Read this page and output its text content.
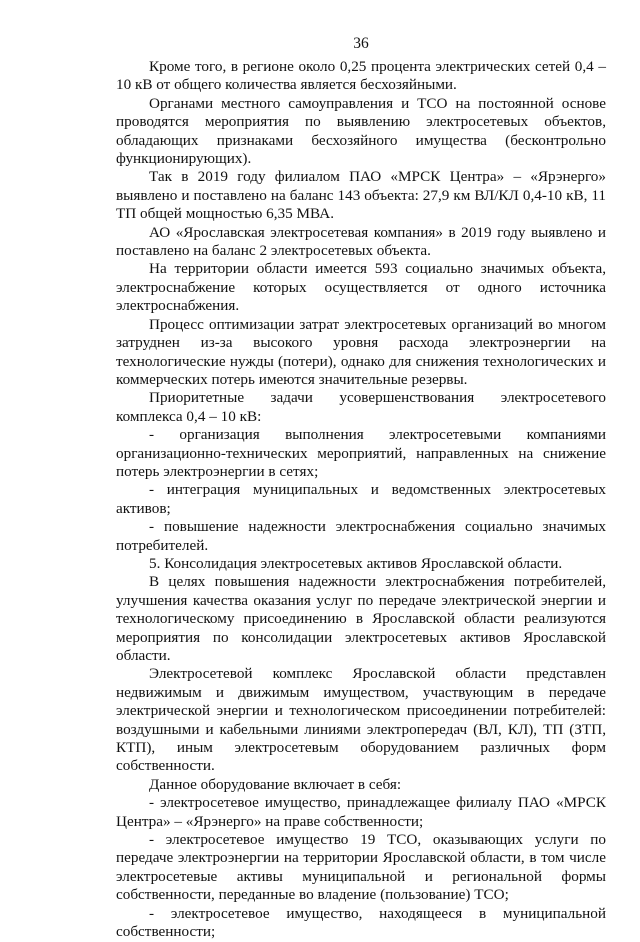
36

Кроме того, в регионе около 0,25 процента электрических сетей 0,4 – 10 кВ от общего количества является бесхозяйными.

Органами местного самоуправления и ТСО на постоянной основе проводятся мероприятия по выявлению электросетевых объектов, обладающих признаками бесхозяйного имущества (бесконтрольно функционирующих).

Так в 2019 году филиалом ПАО «МРСК Центра» – «Ярэнерго» выявлено и поставлено на баланс 143 объекта: 27,9 км ВЛ/КЛ 0,4-10 кВ, 11 ТП общей мощностью 6,35 МВА.

АО «Ярославская электросетевая компания» в 2019 году выявлено и поставлено на баланс 2 электросетевых объекта.

На территории области имеется 593 социально значимых объекта, электроснабжение которых осуществляется от одного источника электроснабжения.

Процесс оптимизации затрат электросетевых организаций во многом затруднен из-за высокого уровня расхода электроэнергии на технологические нужды (потери), однако для снижения технологических и коммерческих потерь имеются значительные резервы.

Приоритетные задачи усовершенствования электросетевого комплекса 0,4 – 10 кВ:

- организация выполнения электросетевыми компаниями организационно-технических мероприятий, направленных на снижение потерь электроэнергии в сетях;

- интеграция муниципальных и ведомственных электросетевых активов;

- повышение надежности электроснабжения социально значимых потребителей.

5. Консолидация электросетевых активов Ярославской области.

В целях повышения надежности электроснабжения потребителей, улучшения качества оказания услуг по передаче электрической энергии и технологическому присоединению в Ярославской области реализуются мероприятия по консолидации электросетевых активов Ярославской области.

Электросетевой комплекс Ярославской области представлен недвижимым и движимым имуществом, участвующим в передаче электрической энергии и технологическом присоединении потребителей: воздушными и кабельными линиями электропередач (ВЛ, КЛ), ТП (ЗТП, КТП), иным электросетевым оборудованием различных форм собственности.

Данное оборудование включает в себя:

- электросетевое имущество, принадлежащее филиалу ПАО «МРСК Центра» – «Ярэнерго» на праве собственности;

- электросетевое имущество 19 ТСО, оказывающих услуги по передаче электроэнергии на территории Ярославской области, в том числе электросетевые активы муниципальной и региональной формы собственности, переданные во владение (пользование) ТСО;

- электросетевое имущество, находящееся в муниципальной собственности;
